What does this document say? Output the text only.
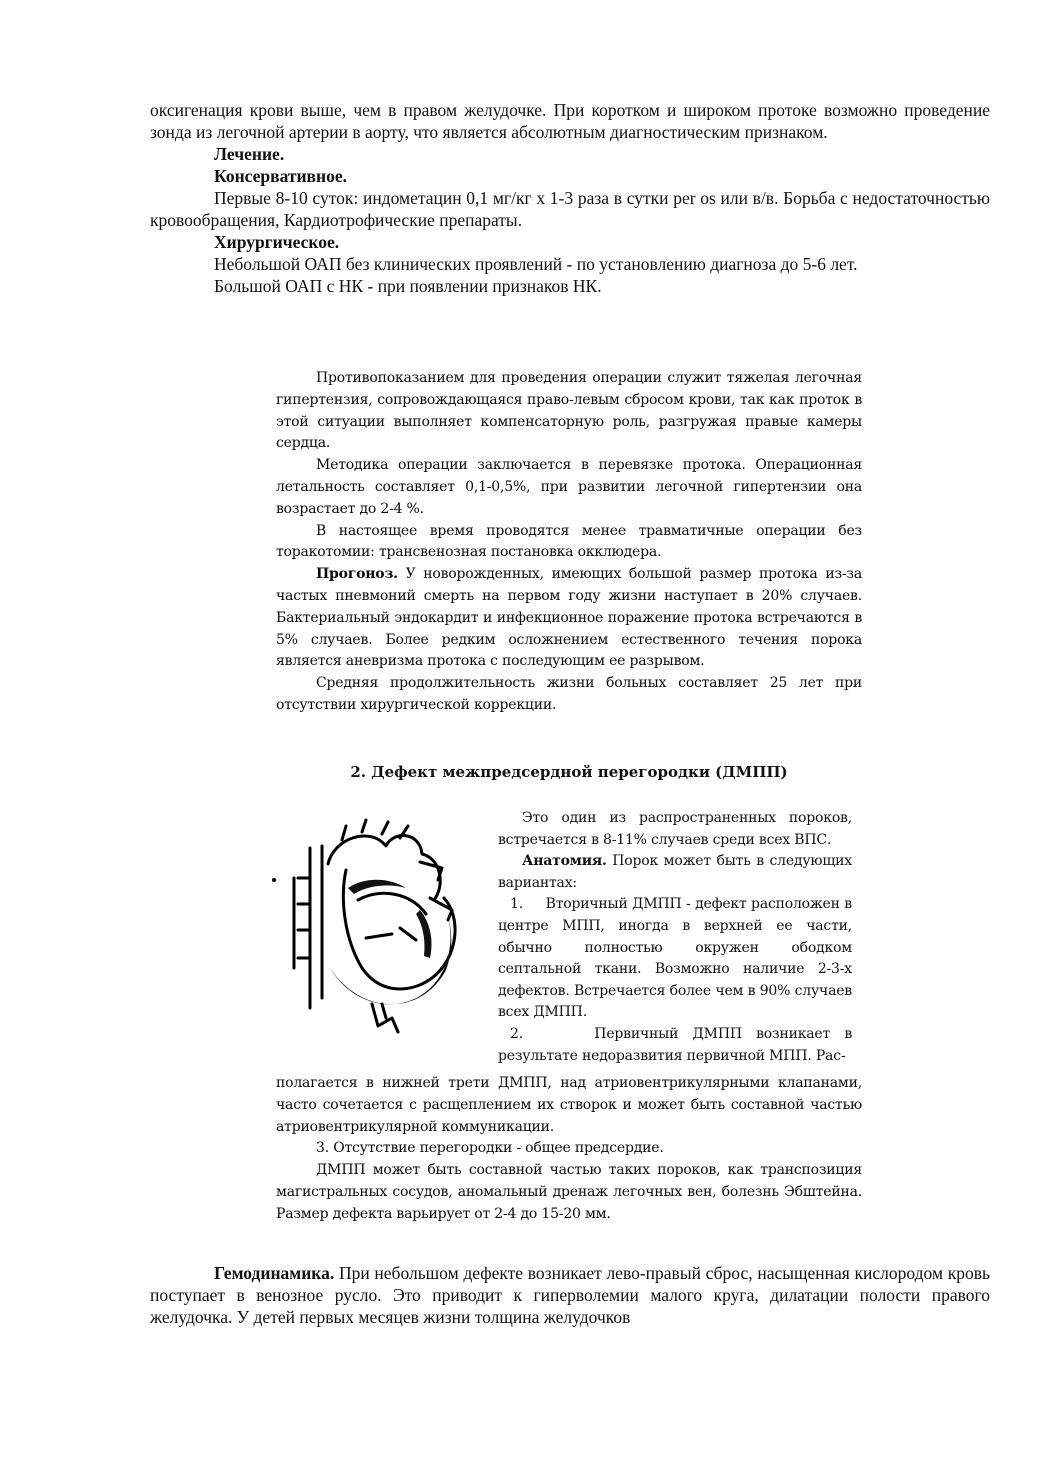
оксигенация крови выше, чем в правом желудочке. При коротком и широком протоке возможно проведение зонда из легочной артерии в аорту, что является абсолютным диагностическим признаком.

Лечение.

Консервативное.

Первые 8-10 суток: индометацин 0,1 мг/кг х 1-3 раза в сутки per os или в/в. Борьба с недостаточностью кровообращения, Кардиотрофические препараты.

Хирургическое.

Небольшой ОАП без клинических проявлений - по установлению диагноза до 5-6 лет.

Большой ОАП с НК - при появлении признаков НК.

Противопоказанием для проведения операции служит тяжелая легочная гипертензия, сопровождающаяся право-левым сбросом крови, так как проток в этой ситуации выполняет компенсаторную роль, разгружая правые камеры сердца.

Методика операции заключается в перевязке протока. Операционная летальность составляет 0,1-0,5%, при развитии легочной гипертензии она возрастает до 2-4 %.

В настоящее время проводятся менее травматичные операции без торакотомии: трансвенозная постановка окклюдера.

Прогоноз. У новорожденных, имеющих большой размер протока из-за частых пневмоний смерть на первом году жизни наступает в 20% случаев. Бактериальный эндокардит и инфекционное поражение протока встречаются в 5% случаев. Более редким осложнением естественного течения порока является аневризма протока с последующим ее разрывом.

Средняя продолжительность жизни больных составляет 25 лет при отсутствии хирургической коррекции.

2. Дефект межпредсердной перегородки (ДМПП)

Это один из распространенных пороков, встречается в 8-11% случаев среди всех ВПС.

Анатомия. Порок может быть в следующих вариантах:

1.     Вторичный ДМПП - дефект расположен в центре МПП, иногда в верхней ее части, обычно полностью окружен ободком септальной ткани. Возможно наличие 2-3-х дефектов. Встречается более чем в 90% случаев всех ДМПП.

2.     Первичный ДМПП возникает в результате недоразвития первичной МПП. Рас-

полагается в нижней трети ДМПП, над атриовентрикулярными клапанами, часто сочетается с расщеплением их створок и может быть составной частью атриовентрикулярной коммуникации.

3. Отсутствие перегородки - общее предсердие.

ДМПП может быть составной частью таких пороков, как транспозиция магистральных сосудов, аномальный дренаж легочных вен, болезнь Эбштейна. Размер дефекта варьирует от 2-4 до 15-20 мм.

Гемодинамика. При небольшом дефекте возникает лево-правый сброс, насыщенная кислородом кровь поступает в венозное русло. Это приводит к гиперволемии малого круга, дилатации полости правого желудочка. У детей первых месяцев жизни толщина желудочков
